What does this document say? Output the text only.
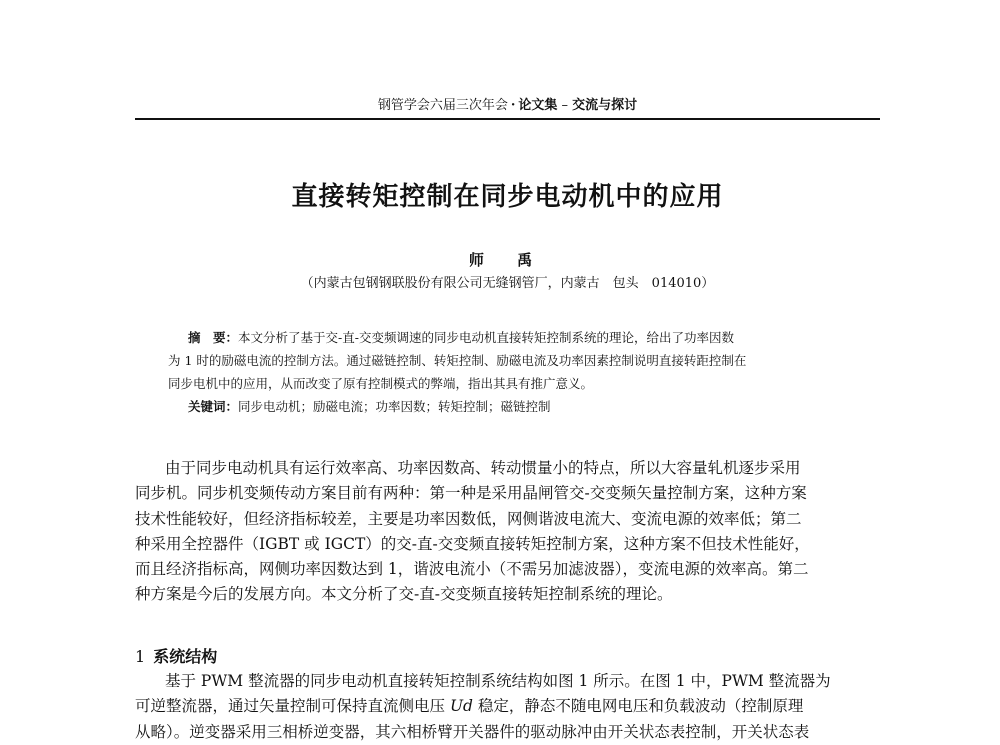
钢管学会六届三次年会 · 论文集 – 交流与探讨
直接转矩控制在同步电动机中的应用
师 禹
（内蒙古包钢钢联股份有限公司无缝钢管厂，内蒙古　包头　014010）
摘　要：本文分析了基于交-直-交变频调速的同步电动机直接转矩控制系统的理论，给出了功率因数
为 1 时的励磁电流的控制方法。通过磁链控制、转矩控制、励磁电流及功率因素控制说明直接转距控制在
同步电机中的应用，从而改变了原有控制模式的弊端，指出其具有推广意义。
关键词：同步电动机；励磁电流；功率因数；转矩控制；磁链控制
由于同步电动机具有运行效率高、功率因数高、转动惯量小的特点，所以大容量轧机逐步采用
同步机。同步机变频传动方案目前有两种：第一种是采用晶闸管交-交变频矢量控制方案，这种方案
技术性能较好，但经济指标较差，主要是功率因数低，网侧谐波电流大、变流电源的效率低；第二
种采用全控器件（IGBT 或 IGCT）的交-直-交变频直接转矩控制方案，这种方案不但技术性能好，
而且经济指标高，网侧功率因数达到 1，谐波电流小（不需另加滤波器），变流电源的效率高。第二
种方案是今后的发展方向。本文分析了交-直-交变频直接转矩控制系统的理论。
1 系统结构
基于 PWM 整流器的同步电动机直接转矩控制系统结构如图 1 所示。在图 1 中，PWM 整流器为
可逆整流器，通过矢量控制可保持直流侧电压 Ud 稳定，静态不随电网电压和负载波动（控制原理
从略）。逆变器采用三相桥逆变器，其六相桥臂开关器件的驱动脉冲由开关状态表控制，开关状态表
